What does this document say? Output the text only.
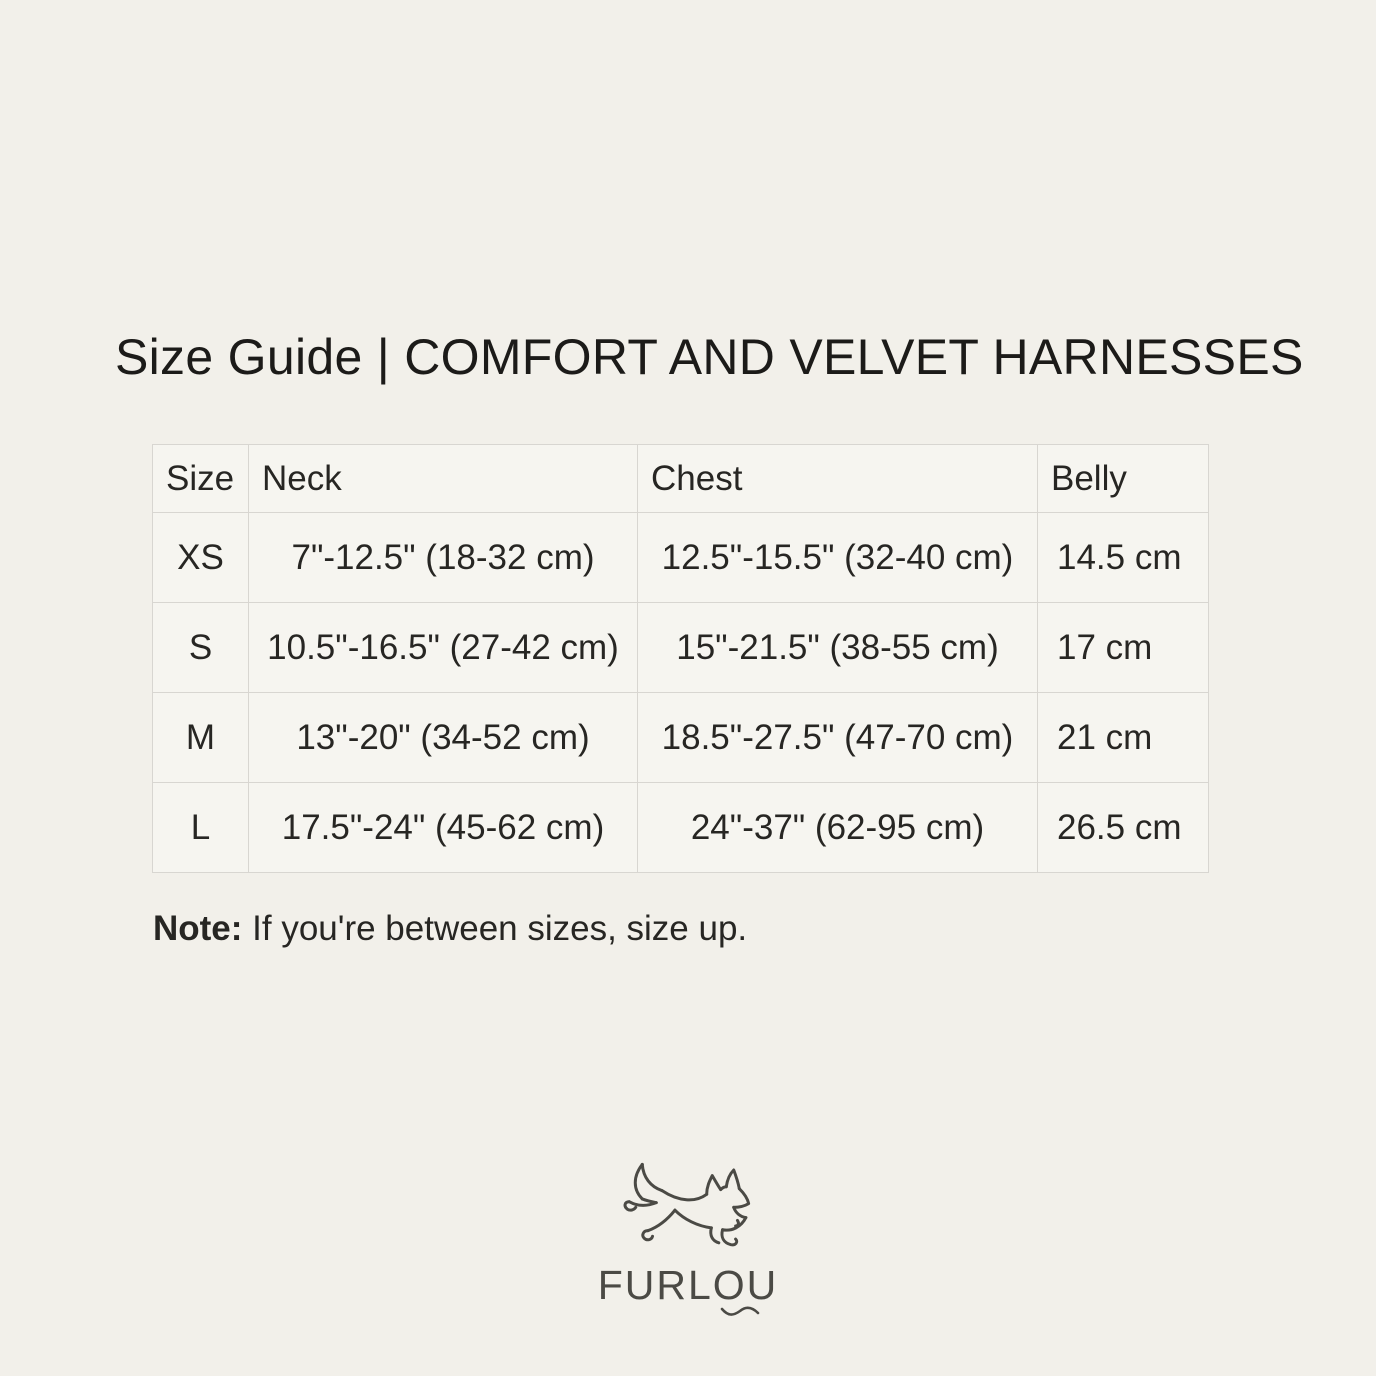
Size Guide | COMFORT AND VELVET HARNESSES
Size	Neck	Chest	Belly
XS	7"-12.5" (18-32 cm)	12.5"-15.5" (32-40 cm)	14.5 cm
S	10.5"-16.5" (27-42 cm)	15"-21.5" (38-55 cm)	17 cm
M	13"-20" (34-52 cm)	18.5"-27.5" (47-70 cm)	21 cm
L	17.5"-24" (45-62 cm)	24"-37" (62-95 cm)	26.5 cm

Note: If you're between sizes, size up.

FURLOU
